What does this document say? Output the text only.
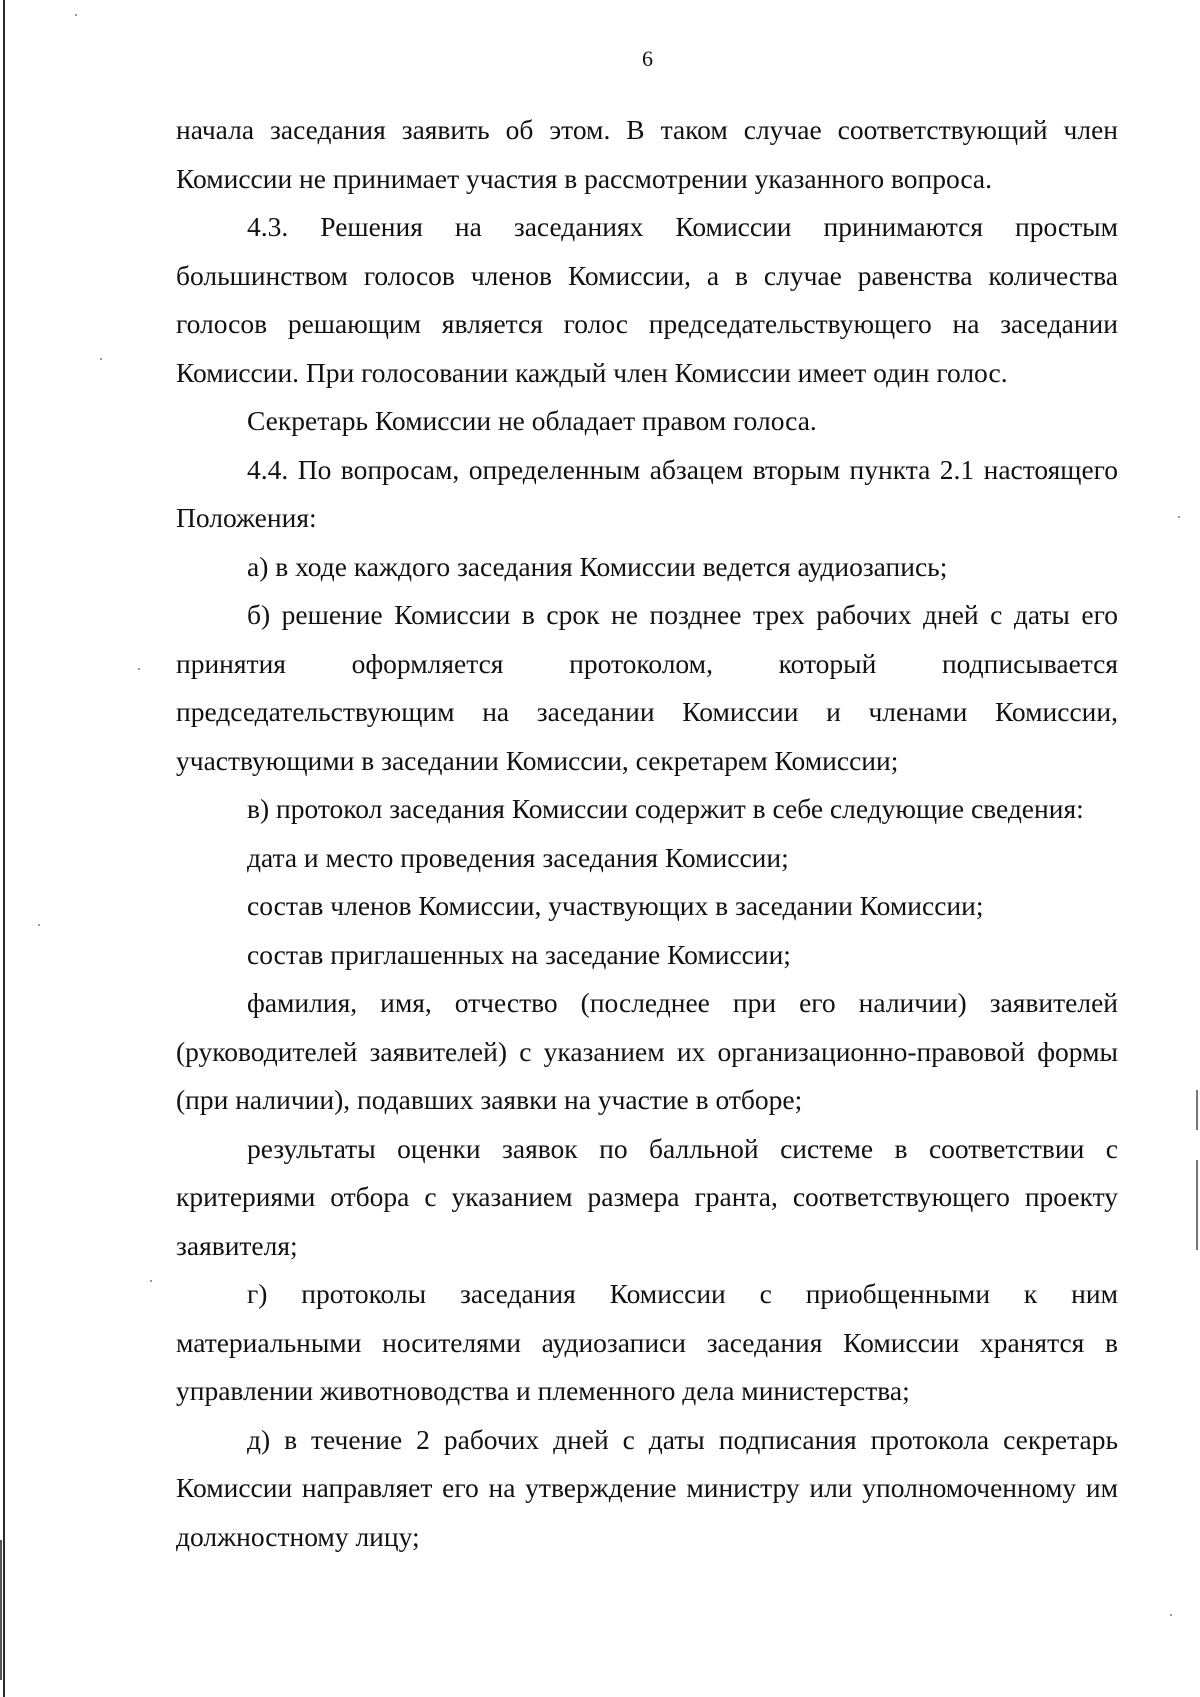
6

начала заседания заявить об этом. В таком случае соответствующий член Комиссии не принимает участия в рассмотрении указанного вопроса.

4.3. Решения на заседаниях Комиссии принимаются простым большинством голосов членов Комиссии, а в случае равенства количества голосов решающим является голос председательствующего на заседании Комиссии. При голосовании каждый член Комиссии имеет один голос.

Секретарь Комиссии не обладает правом голоса.

4.4. По вопросам, определенным абзацем вторым пункта 2.1 настоящего Положения:

а) в ходе каждого заседания Комиссии ведется аудиозапись;

б) решение Комиссии в срок не позднее трех рабочих дней с даты его принятия оформляется протоколом, который подписывается председательствующим на заседании Комиссии и членами Комиссии, участвующими в заседании Комиссии, секретарем Комиссии;

в) протокол заседания Комиссии содержит в себе следующие сведения:

дата и место проведения заседания Комиссии;

состав членов Комиссии, участвующих в заседании Комиссии;

состав приглашенных на заседание Комиссии;

фамилия, имя, отчество (последнее при его наличии) заявителей (руководителей заявителей) с указанием их организационно-правовой формы (при наличии), подавших заявки на участие в отборе;

результаты оценки заявок по балльной системе в соответствии с критериями отбора с указанием размера гранта, соответствующего проекту заявителя;

г) протоколы заседания Комиссии с приобщенными к ним материальными носителями аудиозаписи заседания Комиссии хранятся в управлении животноводства и племенного дела министерства;

д) в течение 2 рабочих дней с даты подписания протокола секретарь Комиссии направляет его на утверждение министру или уполномоченному им должностному лицу;
